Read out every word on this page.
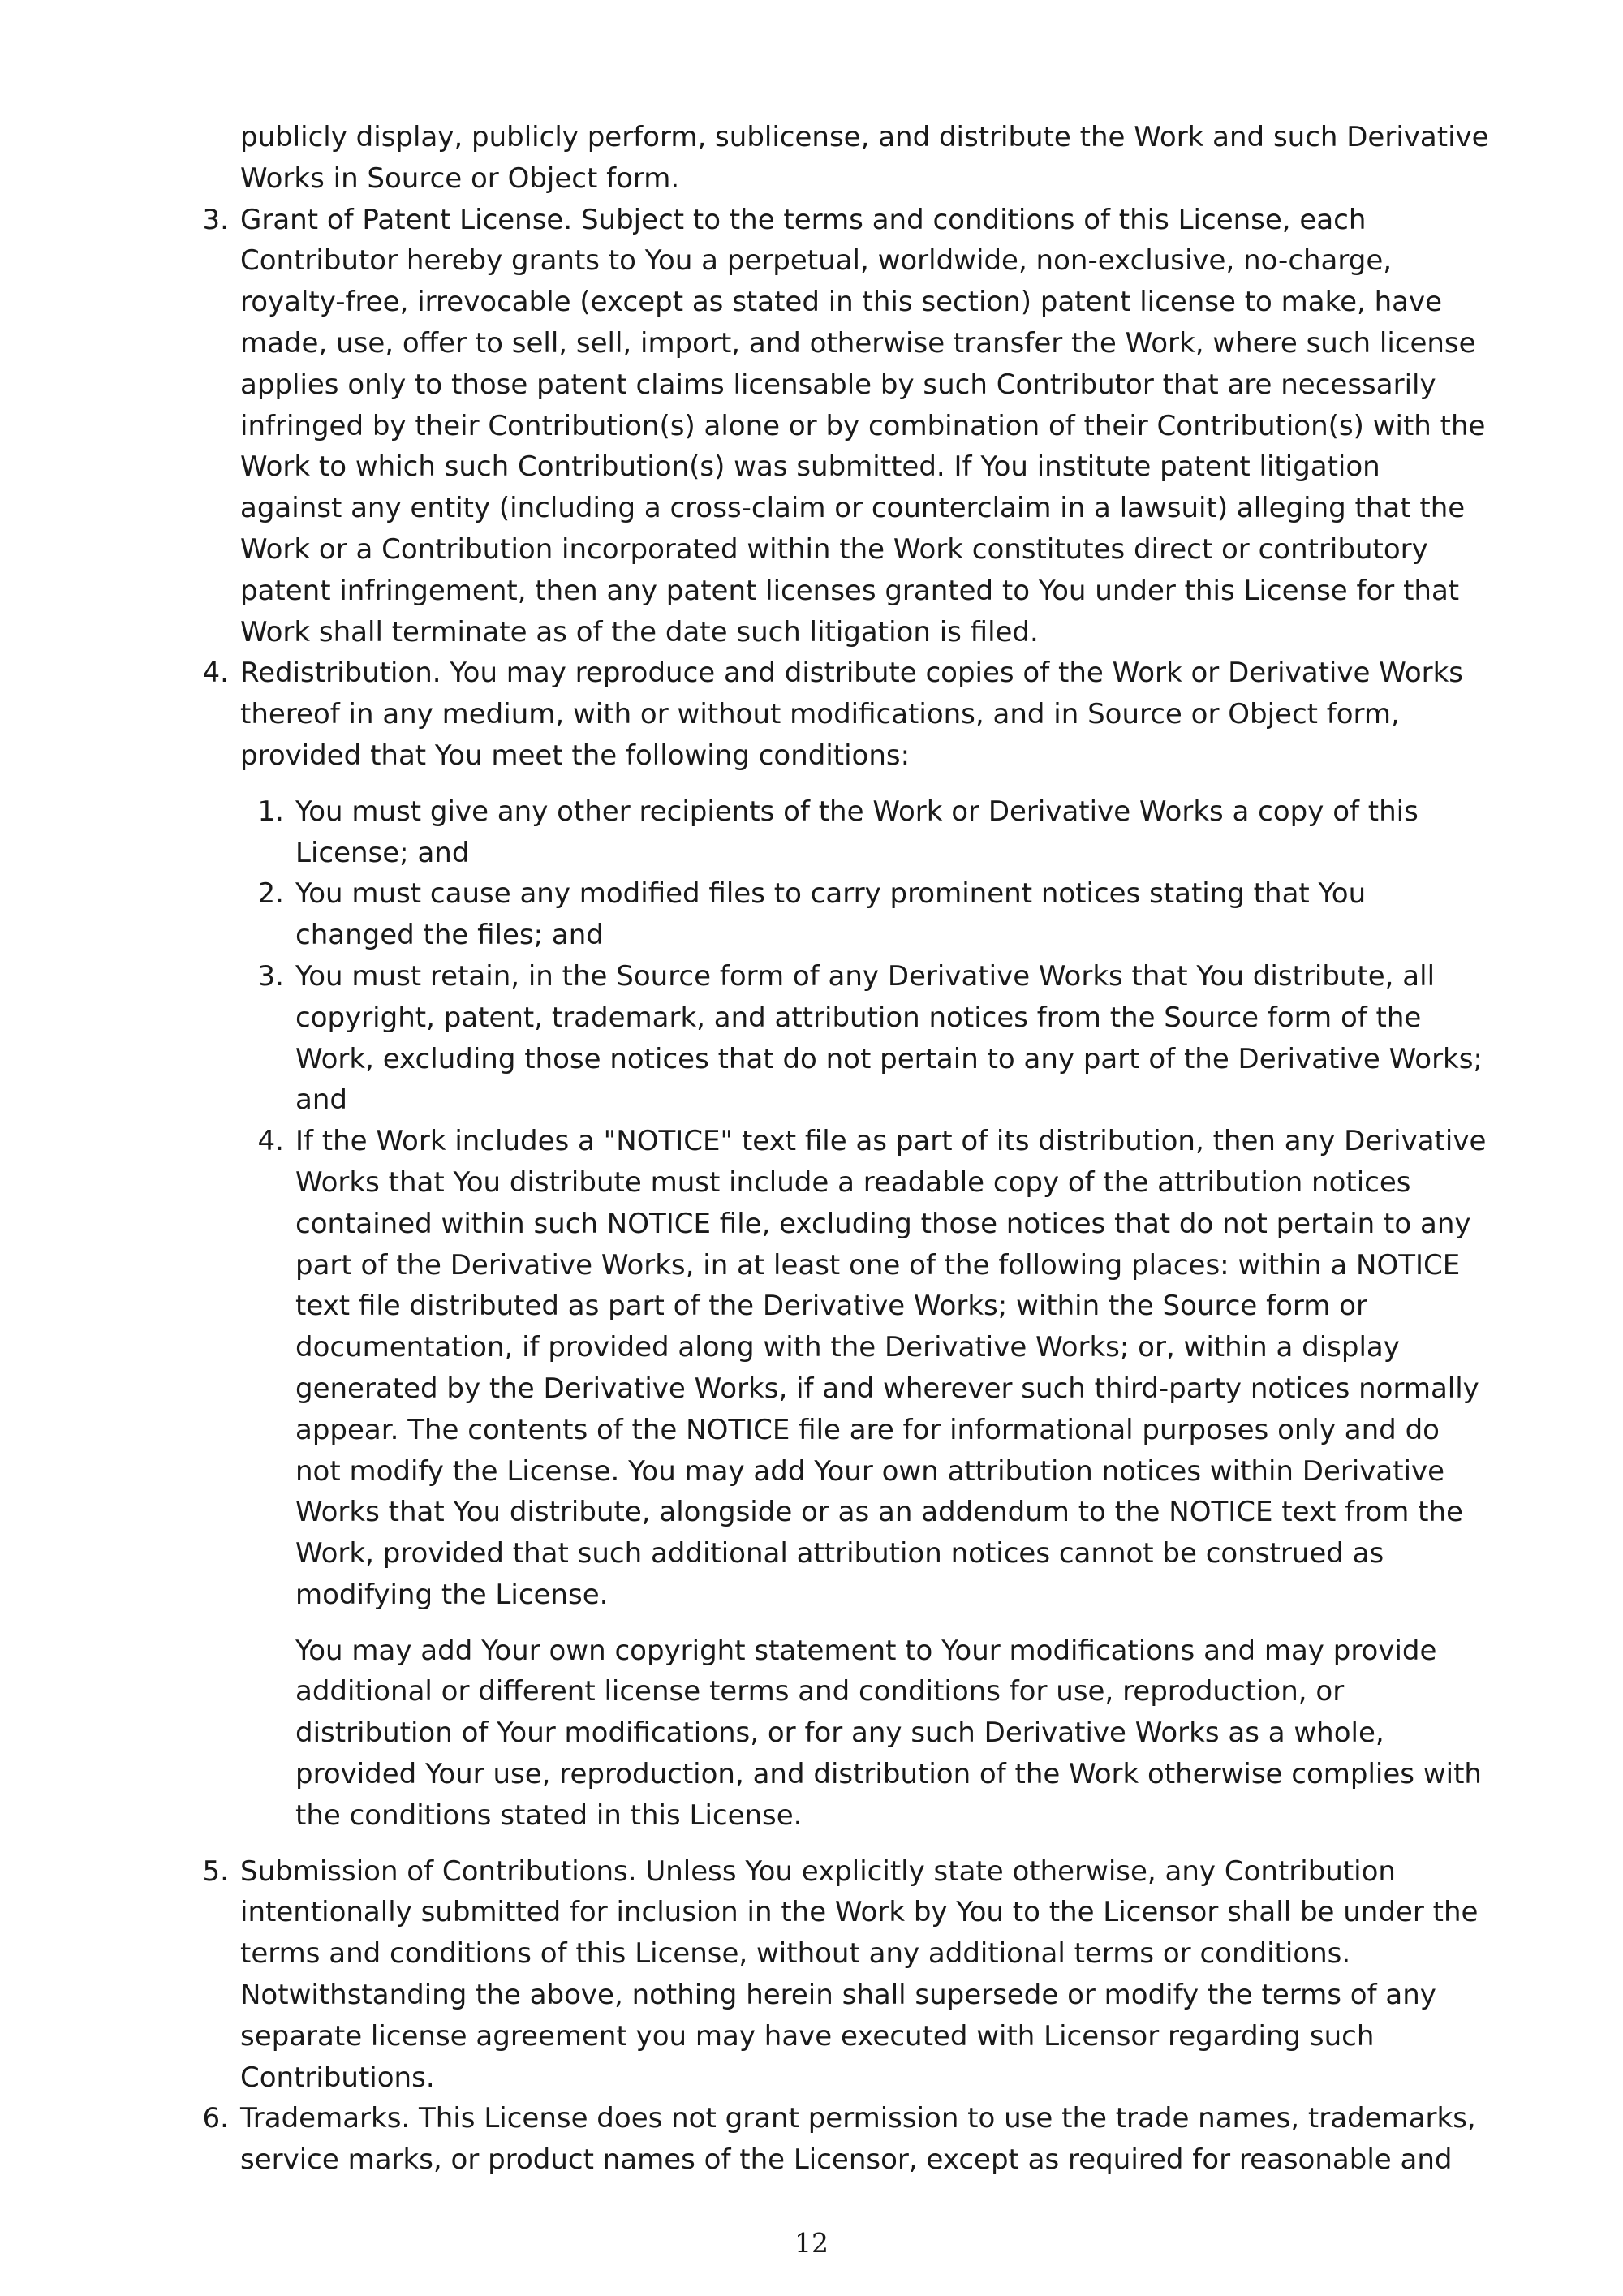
publicly display, publicly perform, sublicense, and distribute the Work and such Derivative Works in Source or Object form.

3. Grant of Patent License. Subject to the terms and conditions of this License, each Contributor hereby grants to You a perpetual, worldwide, non-exclusive, no-charge, royalty-free, irrevocable (except as stated in this section) patent license to make, have made, use, offer to sell, sell, import, and otherwise transfer the Work, where such license applies only to those patent claims licensable by such Contributor that are necessarily infringed by their Contribution(s) alone or by combination of their Contribution(s) with the Work to which such Contribution(s) was submitted. If You institute patent litigation against any entity (including a cross-claim or counterclaim in a lawsuit) alleging that the Work or a Contribution incorporated within the Work constitutes direct or contributory patent infringement, then any patent licenses granted to You under this License for that Work shall terminate as of the date such litigation is filed.
4. Redistribution. You may reproduce and distribute copies of the Work or Derivative Works thereof in any medium, with or without modifications, and in Source or Object form, provided that You meet the following conditions:
1. You must give any other recipients of the Work or Derivative Works a copy of this License; and
2. You must cause any modified files to carry prominent notices stating that You changed the files; and
3. You must retain, in the Source form of any Derivative Works that You distribute, all copyright, patent, trademark, and attribution notices from the Source form of the Work, excluding those notices that do not pertain to any part of the Derivative Works; and
4. If the Work includes a "NOTICE" text file as part of its distribution, then any Derivative Works that You distribute must include a readable copy of the attribution notices contained within such NOTICE file, excluding those notices that do not pertain to any part of the Derivative Works, in at least one of the following places: within a NOTICE text file distributed as part of the Derivative Works; within the Source form or documentation, if provided along with the Derivative Works; or, within a display generated by the Derivative Works, if and wherever such third-party notices normally appear. The contents of the NOTICE file are for informational purposes only and do not modify the License. You may add Your own attribution notices within Derivative Works that You distribute, alongside or as an addendum to the NOTICE text from the Work, provided that such additional attribution notices cannot be construed as modifying the License.

You may add Your own copyright statement to Your modifications and may provide additional or different license terms and conditions for use, reproduction, or distribution of Your modifications, or for any such Derivative Works as a whole, provided Your use, reproduction, and distribution of the Work otherwise complies with the conditions stated in this License.

5. Submission of Contributions. Unless You explicitly state otherwise, any Contribution intentionally submitted for inclusion in the Work by You to the Licensor shall be under the terms and conditions of this License, without any additional terms or conditions. Notwithstanding the above, nothing herein shall supersede or modify the terms of any separate license agreement you may have executed with Licensor regarding such Contributions.
6. Trademarks. This License does not grant permission to use the trade names, trademarks, service marks, or product names of the Licensor, except as required for reasonable and
12
